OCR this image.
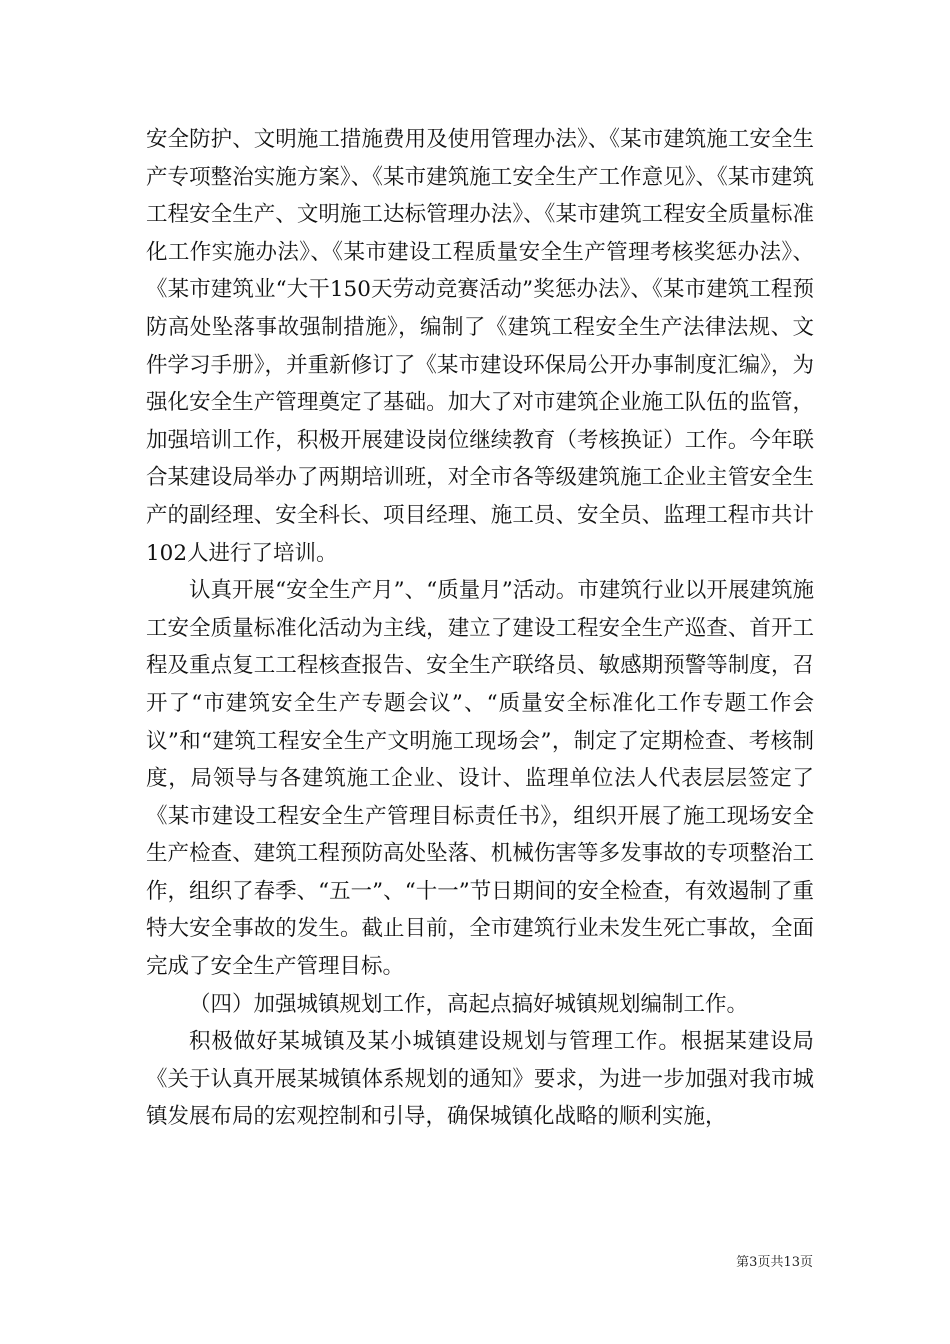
安全防护、文明施工措施费用及使用管理办法》、《某市建筑施工安全生产专项整治实施方案》、《某市建筑施工安全生产工作意见》、《某市建筑工程安全生产、文明施工达标管理办法》、《某市建筑工程安全质量标准化工作实施办法》、《某市建设工程质量安全生产管理考核奖惩办法》、《某市建筑业“大干150天劳动竞赛活动”奖惩办法》、《某市建筑工程预防高处坠落事故强制措施》，编制了《建筑工程安全生产法律法规、文件学习手册》，并重新修订了《某市建设环保局公开办事制度汇编》，为强化安全生产管理奠定了基础。加大了对市建筑企业施工队伍的监管，加强培训工作，积极开展建设岗位继续教育（考核换证）工作。今年联合某建设局举办了两期培训班，对全市各等级建筑施工企业主管安全生产的副经理、安全科长、项目经理、施工员、安全员、监理工程市共计102人进行了培训。

认真开展“安全生产月”、“质量月”活动。市建筑行业以开展建筑施工安全质量标准化活动为主线，建立了建设工程安全生产巡查、首开工程及重点复工工程核查报告、安全生产联络员、敏感期预警等制度，召开了“市建筑安全生产专题会议”、“质量安全标准化工作专题工作会议”和“建筑工程安全生产文明施工现场会”，制定了定期检查、考核制度，局领导与各建筑施工企业、设计、监理单位法人代表层层签定了《某市建设工程安全生产管理目标责任书》，组织开展了施工现场安全生产检查、建筑工程预防高处坠落、机械伤害等多发事故的专项整治工作，组织了春季、“五一”、“十一”节日期间的安全检查，有效遏制了重特大安全事故的发生。截止目前，全市建筑行业未发生死亡事故，全面完成了安全生产管理目标。

（四）加强城镇规划工作，高起点搞好城镇规划编制工作。

积极做好某城镇及某小城镇建设规划与管理工作。根据某建设局《关于认真开展某城镇体系规划的通知》要求，为进一步加强对我市城镇发展布局的宏观控制和引导，确保城镇化战略的顺利实施，

第3页共13页
